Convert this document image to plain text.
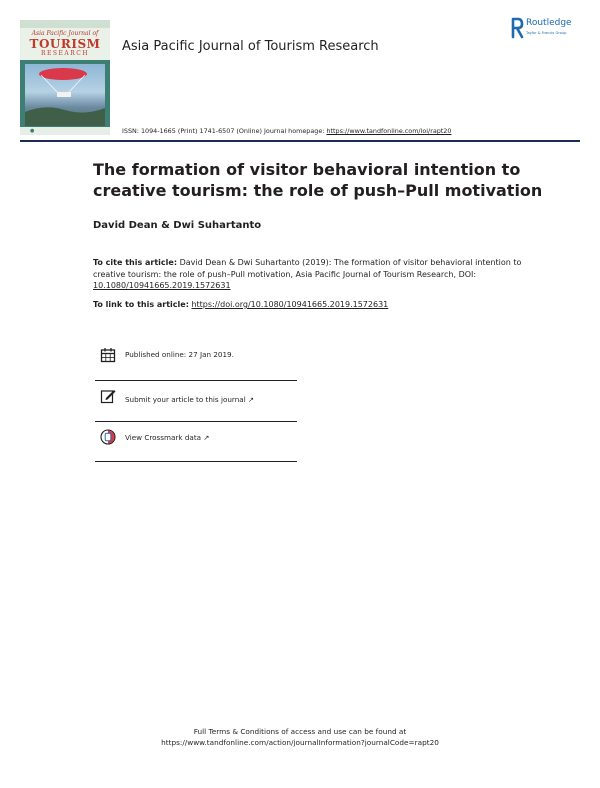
Asia Pacific Journal of
TOURISM
RESEARCH
●
Asia Pacific Journal of Tourism Research
ISSN: 1094-1665 (Print) 1741-6507 (Online) Journal homepage: https://www.tandfonline.com/loi/rapt20
Routledge
Taylor & Francis Group
The formation of visitor behavioral intention to creative tourism: the role of push–Pull motivation
David Dean & Dwi Suhartanto
To cite this article: David Dean & Dwi Suhartanto (2019): The formation of visitor behavioral intention to creative tourism: the role of push–Pull motivation, Asia Pacific Journal of Tourism Research, DOI: 10.1080/10941665.2019.1572631
To link to this article: https://doi.org/10.1080/10941665.2019.1572631
Published online: 27 Jan 2019.
Submit your article to this journal ↗
View Crossmark data ↗
Full Terms & Conditions of access and use can be found at
https://www.tandfonline.com/action/journalInformation?journalCode=rapt20
